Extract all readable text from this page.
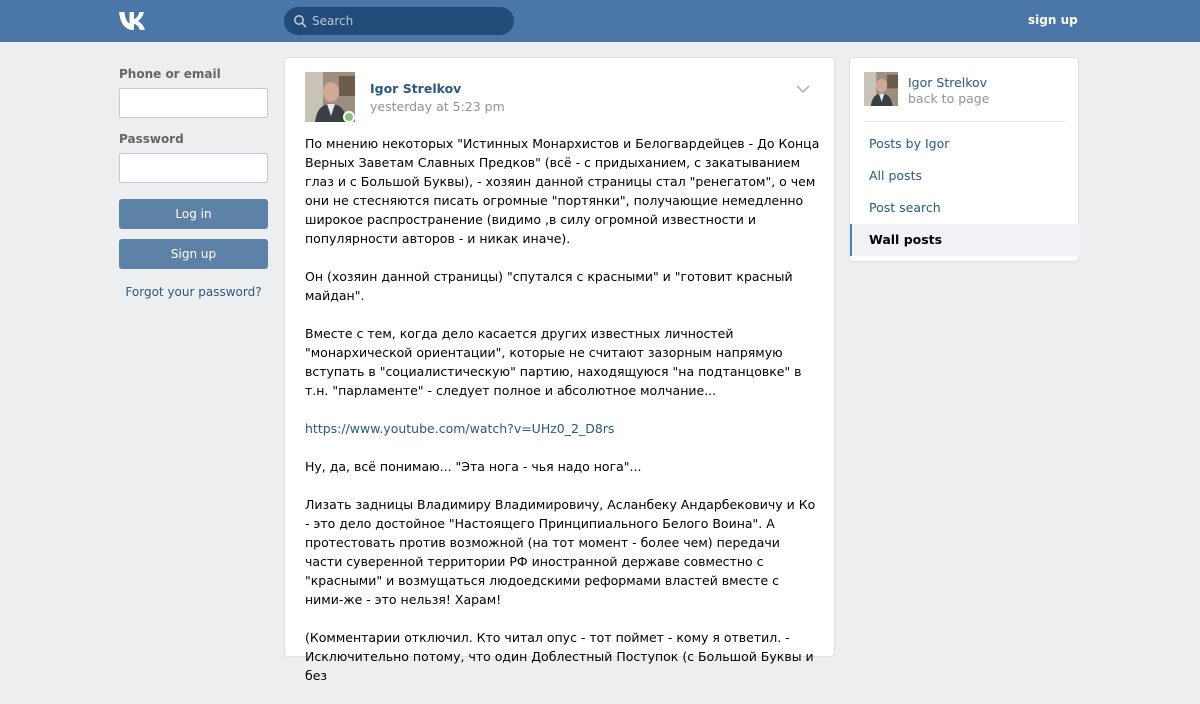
Search
sign up
Phone or email
Password
Log in
Sign up
Forgot your password?
Igor Strelkov
yesterday at 5:23 pm

По мнению некоторых "Истинных Монархистов и Белогвардейцев - До Конца Верных Заветам Славных Предков" (всё - с придыханием, с закатыванием глаз и с Большой Буквы), - хозяин данной страницы стал "ренегатом", о чем они не стесняются писать огромные "портянки", получающие немедленно широкое распространение (видимо ,в силу огромной известности и популярности авторов - и никак иначе).

Он (хозяин данной страницы) "спутался с красными" и "готовит красный майдан".

Вместе с тем, когда дело касается других известных личностей "монархической ориентации", которые не считают зазорным напрямую вступать в "социалистическую" партию, находящуюся "на подтанцовке" в т.н. "парламенте" - следует полное и абсолютное молчание...

https://www.youtube.com/watch?v=UHz0_2_D8rs

Ну, да, всё понимаю... "Эта нога - чья надо нога"...

Лизать задницы Владимиру Владимировичу, Асланбеку Андарбековичу и Ко - это дело достойное "Настоящего Принципиального Белого Воина". А протестовать против возможной (на тот момент - более чем) передачи части суверенной территории РФ иностранной державе совместно с "красными" и возмущаться людоедскими реформами властей вместе с ними-же - это нельзя! Харам!

(Комментарии отключил. Кто читал опус - тот поймет - кому я ответил. - Исключительно потому, что один Доблестный Поступок (с Большой Буквы и без

Igor Strelkov
back to page
Posts by Igor
All posts
Post search
Wall posts
